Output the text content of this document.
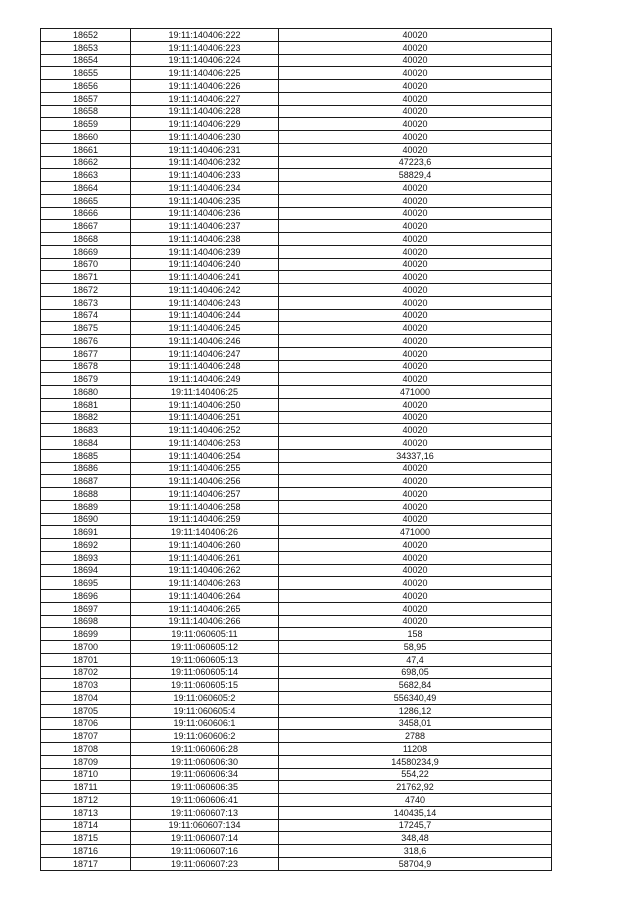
18652	19:11:140406:222	40020
18653	19:11:140406:223	40020
18654	19:11:140406:224	40020
18655	19:11:140406:225	40020
18656	19:11:140406:226	40020
18657	19:11:140406:227	40020
18658	19:11:140406:228	40020
18659	19:11:140406:229	40020
18660	19:11:140406:230	40020
18661	19:11:140406:231	40020
18662	19:11:140406:232	47223,6
18663	19:11:140406:233	58829,4
18664	19:11:140406:234	40020
18665	19:11:140406:235	40020
18666	19:11:140406:236	40020
18667	19:11:140406:237	40020
18668	19:11:140406:238	40020
18669	19:11:140406:239	40020
18670	19:11:140406:240	40020
18671	19:11:140406:241	40020
18672	19:11:140406:242	40020
18673	19:11:140406:243	40020
18674	19:11:140406:244	40020
18675	19:11:140406:245	40020
18676	19:11:140406:246	40020
18677	19:11:140406:247	40020
18678	19:11:140406:248	40020
18679	19:11:140406:249	40020
18680	19:11:140406:25	471000
18681	19:11:140406:250	40020
18682	19:11:140406:251	40020
18683	19:11:140406:252	40020
18684	19:11:140406:253	40020
18685	19:11:140406:254	34337,16
18686	19:11:140406:255	40020
18687	19:11:140406:256	40020
18688	19:11:140406:257	40020
18689	19:11:140406:258	40020
18690	19:11:140406:259	40020
18691	19:11:140406:26	471000
18692	19:11:140406:260	40020
18693	19:11:140406:261	40020
18694	19:11:140406:262	40020
18695	19:11:140406:263	40020
18696	19:11:140406:264	40020
18697	19:11:140406:265	40020
18698	19:11:140406:266	40020
18699	19:11:060605:11	158
18700	19:11:060605:12	58,95
18701	19:11:060605:13	47,4
18702	19:11:060605:14	698,05
18703	19:11:060605:15	5682,84
18704	19:11:060605:2	556340,49
18705	19:11:060605:4	1286,12
18706	19:11:060606:1	3458,01
18707	19:11:060606:2	2788
18708	19:11:060606:28	11208
18709	19:11:060606:30	14580234,9
18710	19:11:060606:34	554,22
18711	19:11:060606:35	21762,92
18712	19:11:060606:41	4740
18713	19:11:060607:13	140435,14
18714	19:11:060607:134	17245,7
18715	19:11:060607:14	348,48
18716	19:11:060607:16	318,6
18717	19:11:060607:23	58704,9
